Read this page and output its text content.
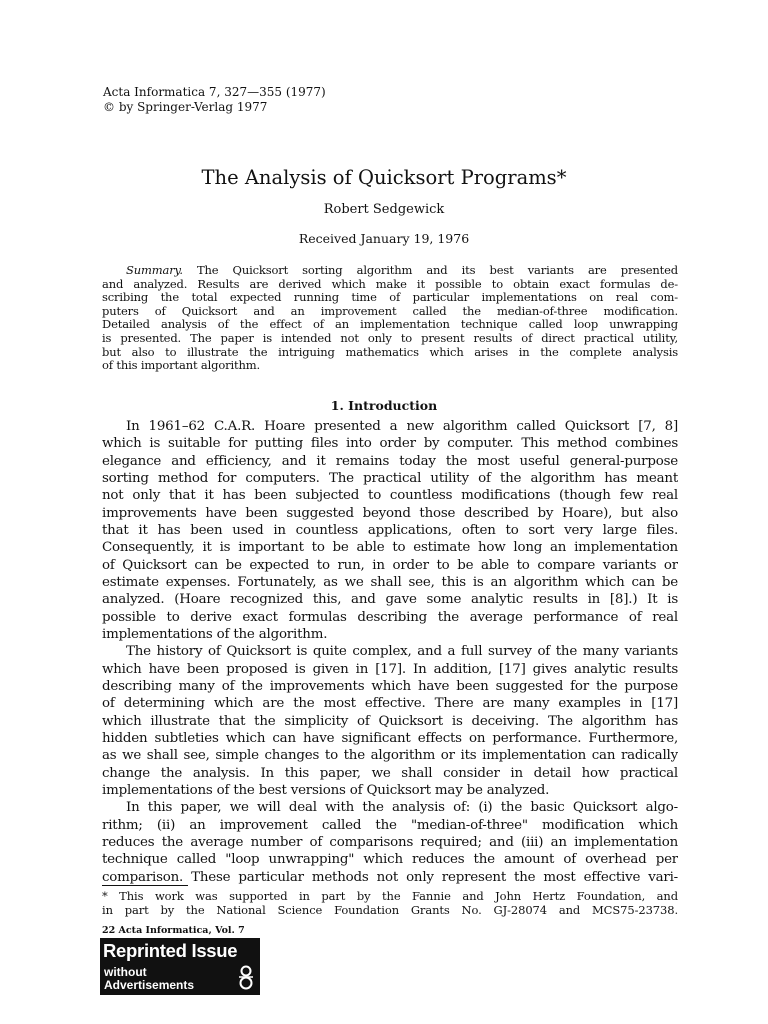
Acta Informatica 7, 327—355 (1977)
© by Springer-Verlag 1977
The Analysis of Quicksort Programs*
Robert Sedgewick
Received January 19, 1976
Summary. The Quicksort sorting algorithm and its best variants are presented
and analyzed. Results are derived which make it possible to obtain exact formulas de-
scribing the total expected running time of particular implementations on real com-
puters of Quicksort and an improvement called the median-of-three modification.
Detailed analysis of the effect of an implementation technique called loop unwrapping
is presented. The paper is intended not only to present results of direct practical utility,
but also to illustrate the intriguing mathematics which arises in the complete analysis
of this important algorithm.
1. Introduction
In 1961–62 C.A.R. Hoare presented a new algorithm called Quicksort [7, 8]
which is suitable for putting files into order by computer. This method combines
elegance and efficiency, and it remains today the most useful general-purpose
sorting method for computers. The practical utility of the algorithm has meant
not only that it has been subjected to countless modifications (though few real
improvements have been suggested beyond those described by Hoare), but also
that it has been used in countless applications, often to sort very large files.
Consequently, it is important to be able to estimate how long an implementation
of Quicksort can be expected to run, in order to be able to compare variants or
estimate expenses. Fortunately, as we shall see, this is an algorithm which can be
analyzed. (Hoare recognized this, and gave some analytic results in [8].) It is
possible to derive exact formulas describing the average performance of real
implementations of the algorithm.
The history of Quicksort is quite complex, and a full survey of the many variants
which have been proposed is given in [17]. In addition, [17] gives analytic results
describing many of the improvements which have been suggested for the purpose
of determining which are the most effective. There are many examples in [17]
which illustrate that the simplicity of Quicksort is deceiving. The algorithm has
hidden subtleties which can have significant effects on performance. Furthermore,
as we shall see, simple changes to the algorithm or its implementation can radically
change the analysis. In this paper, we shall consider in detail how practical
implementations of the best versions of Quicksort may be analyzed.
In this paper, we will deal with the analysis of: (i) the basic Quicksort algo-
rithm; (ii) an improvement called the "median-of-three" modification which
reduces the average number of comparisons required; and (iii) an implementation
technique called "loop unwrapping" which reduces the amount of overhead per
comparison. These particular methods not only represent the most effective vari-
* This work was supported in part by the Fannie and John Hertz Foundation, and
in part by the National Science Foundation Grants No. GJ-28074 and MCS75-23738.
22 Acta Informatica, Vol. 7
Reprinted Issue
without
Advertisements
